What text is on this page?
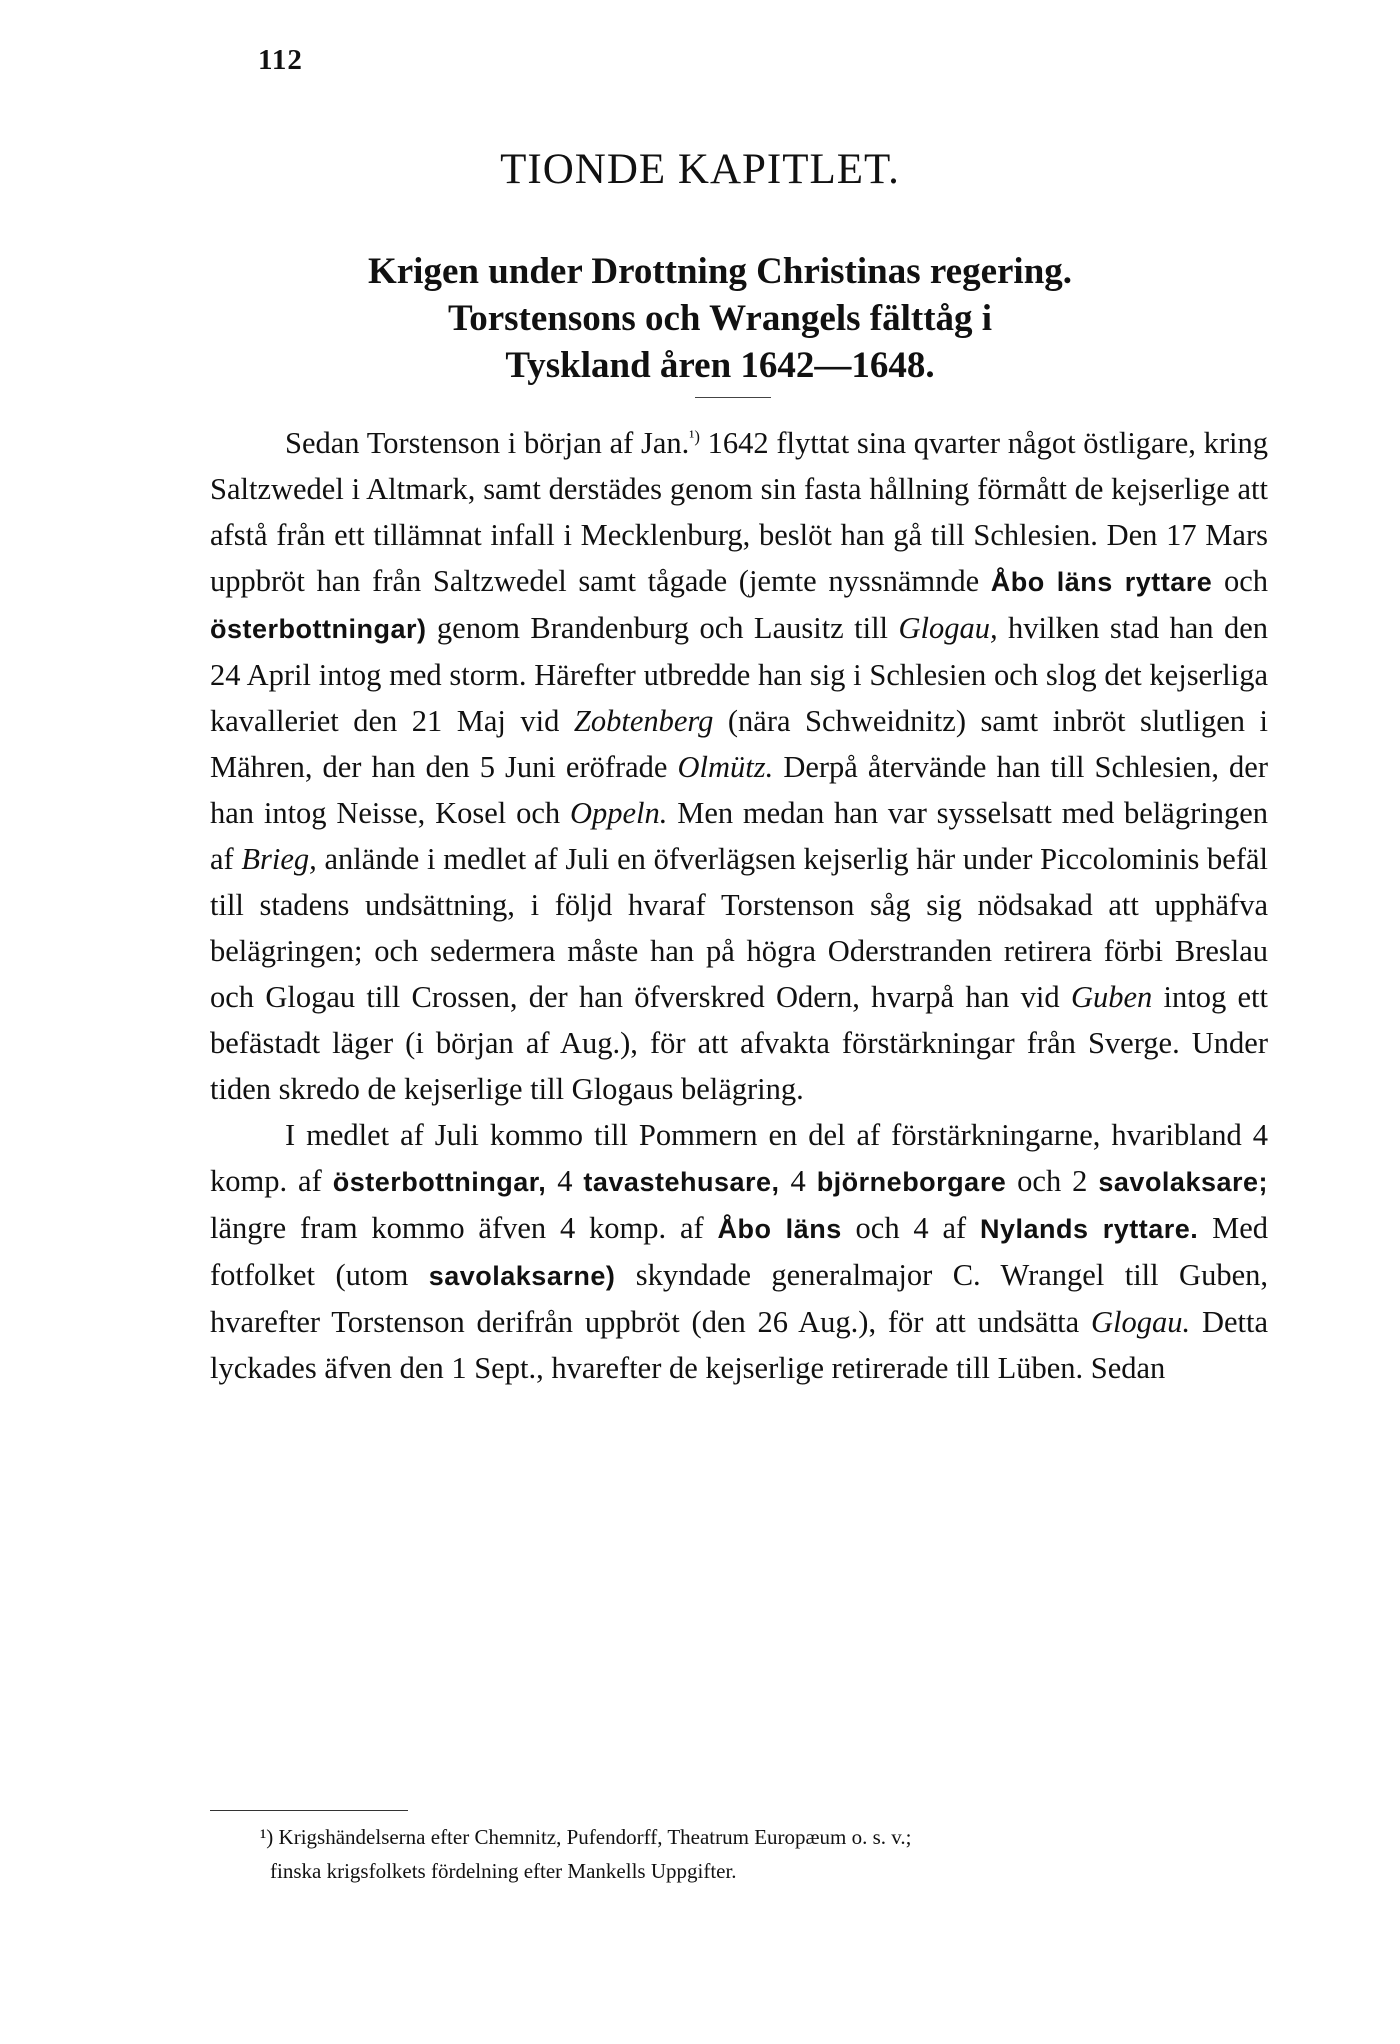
112
TIONDE KAPITLET.
Krigen under Drottning Christinas regering.
Torstensons och Wrangels fälttåg i
Tyskland åren 1642—1648.

Sedan Torstenson i början af Jan.$^{^1)}$ 1642 flyttat sina qvarter något östligare, kring Saltzwedel i Altmark, samt derstädes genom sin fasta hållning förmått de kejserlige att afstå från ett tillämnat infall i Mecklenburg, beslöt han gå till Schlesien. Den 17 Mars uppbröt han från Saltzwedel samt tågade (jemte nyssnämnde Åbo läns ryttare och österbottningar) genom Brandenburg och Lausitz till Glogau, hvilken stad han den 24 April intog med storm. Härefter utbredde han sig i Schlesien och slog det kejserliga kavalleriet den 21 Maj vid Zobtenberg (nära Schweidnitz) samt inbröt slutligen i Mähren, der han den 5 Juni eröfrade Olmütz. Derpå återvände han till Schlesien, der han intog Neisse, Kosel och Oppeln. Men medan han var sysselsatt med belägringen af Brieg, anlände i medlet af Juli en öfverlägsen kejserlig här under Piccolominis befäl till stadens undsättning, i följd hvaraf Torstenson såg sig nödsakad att upphäfva belägringen; och sedermera måste han på högra Oderstranden retirera förbi Breslau och Glogau till Crossen, der han öfverskred Odern, hvarpå han vid Guben intog ett befästadt läger (i början af Aug.), för att afvakta förstärkningar från Sverge. Under tiden skredo de kejserlige till Glogaus belägring.

I medlet af Juli kommo till Pommern en del af förstärkningarne, hvaribland 4 komp. af österbottningar, 4 tavastehusare, 4 björneborgare och 2 savolaksare; längre fram kommo äfven 4 komp. af Åbo läns och 4 af Nylands ryttare. Med fotfolket (utom savolaksarne) skyndade generalmajor C. Wrangel till Guben, hvarefter Torstenson derifrån uppbröt (den 26 Aug.), för att undsätta Glogau. Detta lyckades äfven den 1 Sept., hvarefter de kejserlige retirerade till Lüben. Sedan

¹) Krigshändelserna efter Chemnitz, Pufendorff, Theatrum Europæum o. s. v.;
finska krigsfolkets fördelning efter Mankells Uppgifter.
